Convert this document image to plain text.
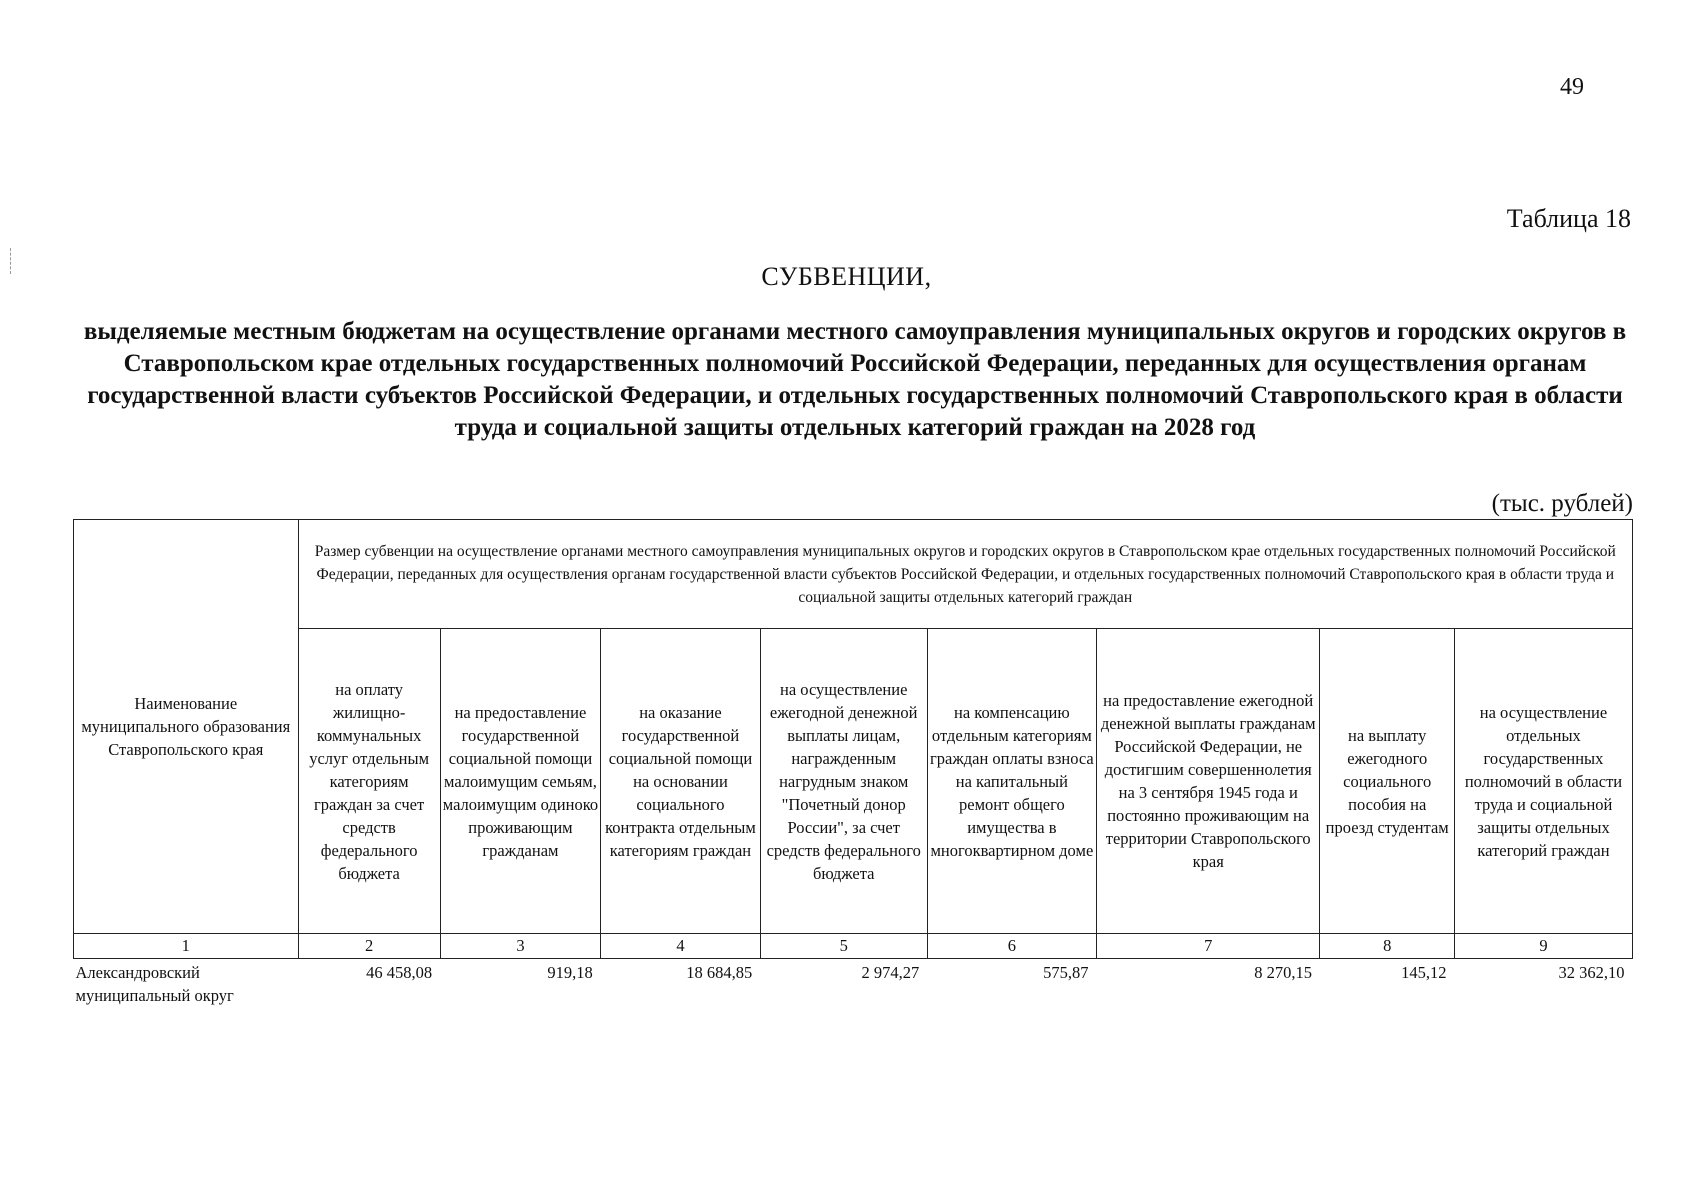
49
Таблица 18
СУБВЕНЦИИ,
выделяемые местным бюджетам на осуществление органами местного самоуправления муниципальных округов и городских округов в Ставропольском крае отдельных государственных полномочий Российской Федерации, переданных для осуществления органам государственной власти субъектов Российской Федерации, и отдельных государственных полномочий Ставропольского края в области труда и социальной защиты отдельных категорий граждан на 2028 год
(тыс. рублей)
Наименование муниципального образования Ставропольского края	Размер субвенции на осуществление органами местного самоуправления муниципальных округов и городских округов в Ставропольском крае отдельных государственных полномочий Российской Федерации, переданных для осуществления органам государственной власти субъектов Российской Федерации, и отдельных государственных полномочий Ставропольского края в области труда и социальной защиты отдельных категорий граждан							
	на оплату жилищно-коммунальных услуг отдельным категориям граждан за счет средств федерального бюджета	на предоставление государственной социальной помощи малоимущим семьям, малоимущим одиноко проживающим гражданам	на оказание государственной социальной помощи на основании социального контракта отдельным категориям граждан	на осуществление ежегодной денежной выплаты лицам, награжденным нагрудным знаком "Почетный донор России", за счет средств федерального бюджета	на компенсацию отдельным категориям граждан оплаты взноса на капитальный ремонт общего имущества в многоквартирном доме	на предоставление ежегодной денежной выплаты гражданам Российской Федерации, не достигшим совершеннолетия на 3 сентября 1945 года и постоянно проживающим на территории Ставропольского края	на выплату ежегодного социального пособия на проезд студентам	на осуществление отдельных государственных полномочий в области труда и социальной защиты отдельных категорий граждан
1	2	3	4	5	6	7	8	9
Александровский муниципальный округ	46 458,08	919,18	18 684,85	2 974,27	575,87	8 270,15	145,12	32 362,10
